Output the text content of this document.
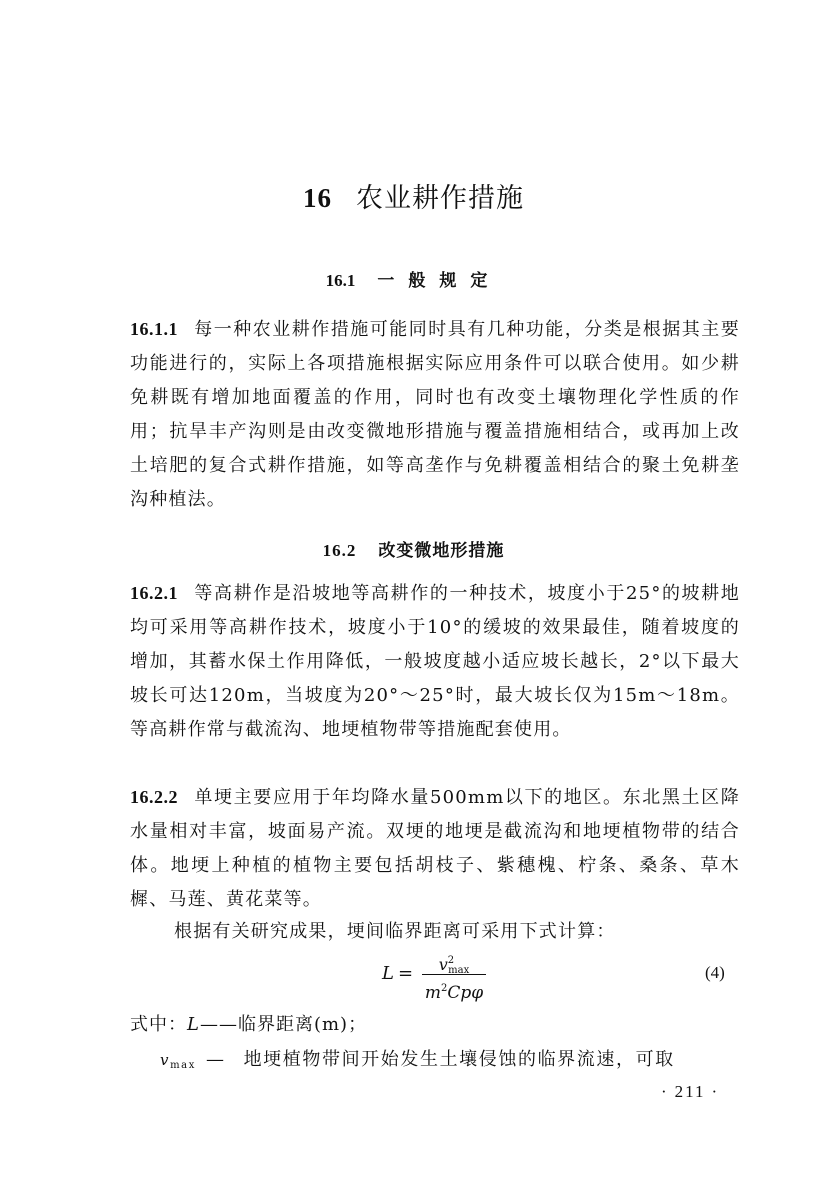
16 农业耕作措施
16.1 一般规定

16.1.1 每一种农业耕作措施可能同时具有几种功能，分类是根据其主要功能进行的，实际上各项措施根据实际应用条件可以联合使用。如少耕免耕既有增加地面覆盖的作用，同时也有改变土壤物理化学性质的作用；抗旱丰产沟则是由改变微地形措施与覆盖措施相结合，或再加上改土培肥的复合式耕作措施，如等高垄作与免耕覆盖相结合的聚土免耕垄沟种植法。

16.2 改变微地形措施

16.2.1 等高耕作是沿坡地等高耕作的一种技术，坡度小于25°的坡耕地均可采用等高耕作技术，坡度小于10°的缓坡的效果最佳，随着坡度的增加，其蓄水保土作用降低，一般坡度越小适应坡长越长，2°以下最大坡长可达120m，当坡度为20°～25°时，最大坡长仅为15m～18m。等高耕作常与截流沟、地埂植物带等措施配套使用。

16.2.2 单埂主要应用于年均降水量500mm以下的地区。东北黑土区降水量相对丰富，坡面易产流。双埂的地埂是截流沟和地埂植物带的结合体。地埂上种植的植物主要包括胡枝子、紫穗槐、柠条、桑条、草木樨、马莲、黄花菜等。

根据有关研究成果，埂间临界距离可采用下式计算：

L =	$v^2_{max}$
$m^2Cp\varphi$
(4)
式中：L——临界距离(m)；
$v_{max}$ — 地埂植物带间开始发生土壤侵蚀的临界流速，可取
· 211 ·
